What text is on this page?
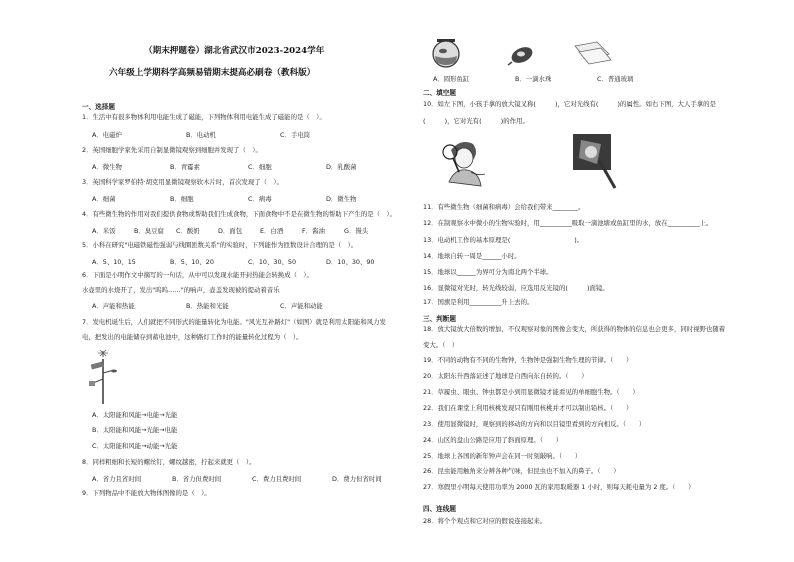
（期末押题卷）湖北省武汉市2023-2024学年
六年级上学期科学高频易错期末提高必刷卷（教科版）
一、选择题
1．生活中有很多物体利用电能生成了磁能，下列物体利用电能生成了磁能的是（　）。
A．电磁炉	B．电动机	C．手电筒
2．英国细胞学家先采用自制显微镜观察到细胞并发现了（　）。
A．微生物	B．青霉素	C．细胞	D．乳酸菌
3．英国科学家罗伯特·胡克用显微镜观察软木片时，首次发现了（　）。
A．细菌	B．细胞	C．病毒	D．微生物
4．有些微生物的作用对我们提供食物或帮助我们生成食物，下面食物中不是在微生物的帮助下产生的是（　）。
A．米饭	B．臭豆腐 C．酸奶	D．面包	E．白酒	F．酱油	G．馒头
5．小科在研究"电磁铁磁性强弱与线圈匝数关系"的实验时，下列能作为匝数设计合理的是（　）。
A．5、10、15	B．5、10、20	C．10、30、50	D．10、30、90
6．下面是小明作文中摘写的一句话，从中可以发现水能开封热能会转换成（　）。
水壶里的水烧开了，发出"呜呜……"的响声，壶盖发现被的提动着音乐
A．声能和热能	B．热能和光能	C．声能和动能
7．发电机诞生后，人们就把不同形式的能量转化为电能。"风光互补路灯"（如图）就是利用太阳能和风力发
电，把发出的电能储存到蓄电池中，这种路灯工作时的能量转化过程为（　）。
A．太阳能和风能→电能→光能
B．太阳能和风能→光能→电能
C．太阳能和风能→动能→光能
8．同样粗细和长短的螺丝钉，螺纹越密，拧起来就更（　）。
A．省力且省时间	B．省力但费时间	C．费力且费时间	D．费力但省时间
9．下列物品中不能放大物体图像的是（　）。
A．圆形鱼缸	B．一滴水珠	C．普通玻璃
二、填空题
10．如左下图，小孩手拿的放大镜叉称(　　　)，它对光线有(　　　)的属性。如右下图，大人手拿的是
(　　　)，它对光有(　　　)的作用。
11．有些微生物（细菌和病毒）会给我们带来________。
12．在制观察水中微小的生物实验时，用__________吸取一滴池塘或鱼缸里的水，放在__________上。
13．电动机工作的基本原理是(　　　　　　　　　　)。
14．地球自转一周是______小时。
15．地球以______为界可分为南北两个半球。
16．显微镜对光时，转光线较弱，应选用反光镜的(　　　)面镜。
17．国旗是利用__________升上去的。
三、判断题
18．放大镜放大倍数的增加，不仅观察对象的图像会变大，所获得的物体的信息也会更多，同时视野也随着
变大。（　）
19．不同的动物有不同的生物钟，生物钟是强制生物生理的节律。（　　）
20．太阳东升西落证述了地球是自西向东自转的。（　　）
21．草履虫、眼虫、钟虫都是小到用显微镜才能看见的单细胞生物。（　　）
22．我们在课堂上利用核桃发现只有刚用核桃并才可以制出铅核。（　　）
23．使用显微镜时，观察到的移动的方向和以目镜里看到的方向相反。（　　）
24．山区的盘山公路是应用了斜面原理。（　　）
25．地球上各国的新年钟声会在同一时刻敲响。（　　）
26．昆虫能用触角来分辨各种气味，但昆虫也不加入的鼻子。（　　）
27．寒假里小明每天使用功率为 2000 瓦的家用取暖器 1 小时，则每天耗电量为 2 度。（　　）
四、连线题
28．将个个观点和它对应的假说连接起来。
